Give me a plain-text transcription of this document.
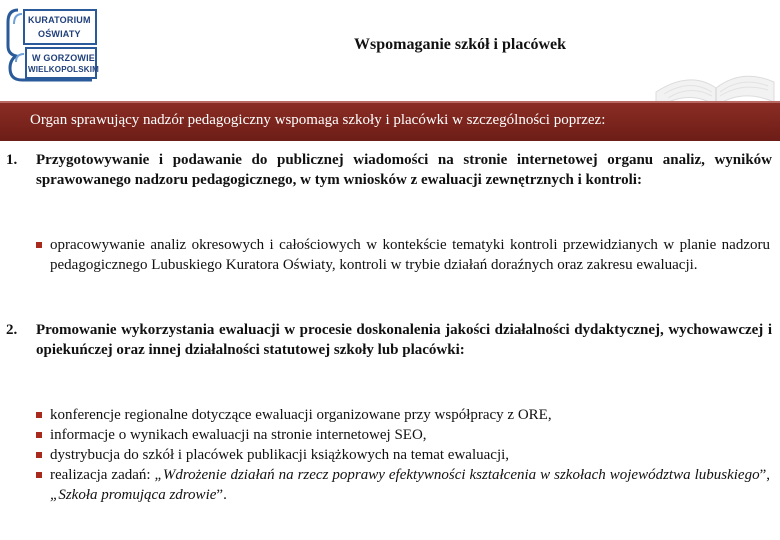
KURATORIUM
OŚWIATY
W GORZOWIE
WIELKOPOLSKIM
Wspomaganie szkół i placówek
Organ sprawujący nadzór pedagogiczny wspomaga szkoły i placówki w szczególności poprzez:
1.	Przygotowywanie i podawanie do publicznej wiadomości na stronie internetowej organu analiz, wyników sprawowanego nadzoru pedagogicznego, w tym wniosków z ewaluacji zewnętrznych i kontroli:
opracowywanie analiz okresowych i całościowych w kontekście tematyki kontroli przewidzianych w planie nadzoru pedagogicznego Lubuskiego Kuratora Oświaty, kontroli w trybie działań doraźnych oraz zakresu ewaluacji.
2.	Promowanie wykorzystania ewaluacji w procesie doskonalenia jakości działalności dydaktycznej, wychowawczej i opiekuńczej oraz innej działalności statutowej szkoły lub placówki:
konferencje regionalne dotyczące ewaluacji organizowane przy współpracy z ORE,
informacje o wynikach ewaluacji na stronie internetowej SEO,
dystrybucja do szkół i placówek publikacji książkowych na temat ewaluacji,
realizacja zadań: „Wdrożenie działań na rzecz poprawy efektywności kształcenia w szkołach województwa lubuskiego”, „Szkoła promująca zdrowie”.
